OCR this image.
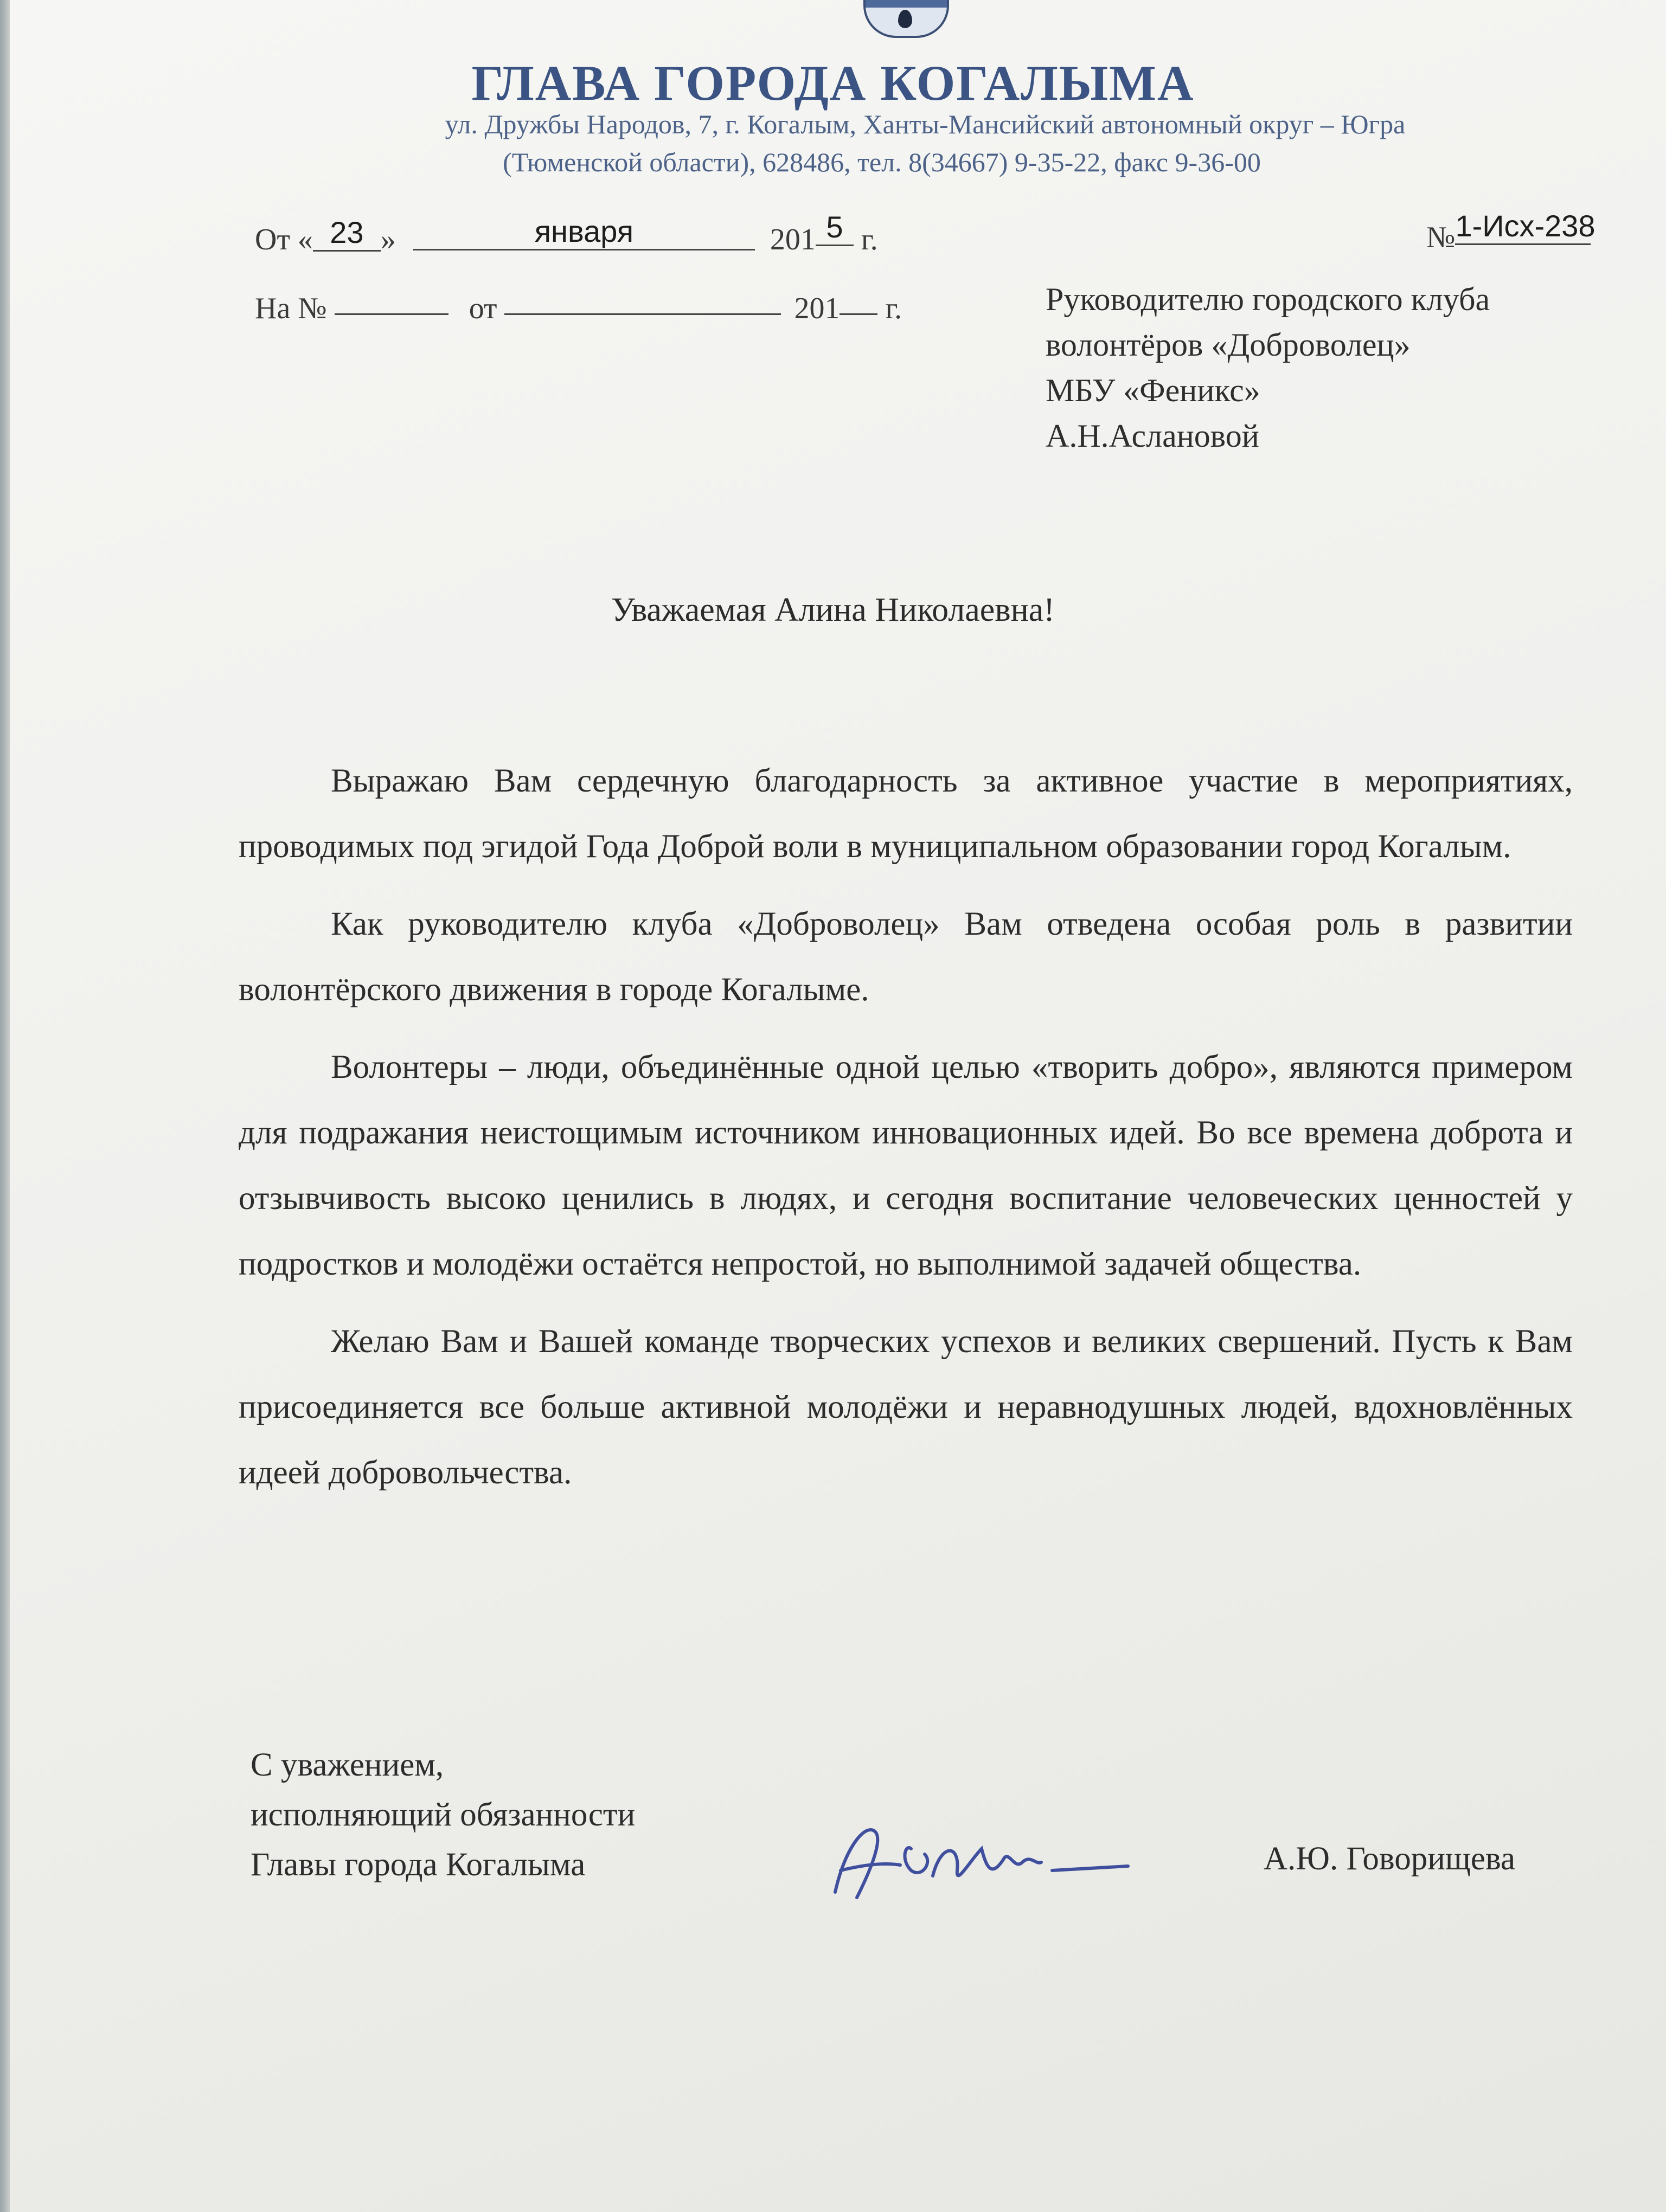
ГЛАВА ГОРОДА КОГАЛЫМА
ул. Дружбы Народов, 7, г. Когалым, Ханты-Мансийский автономный округ – Югра
(Тюменской области), 628486, тел. 8(34667) 9-35-22, факс 9-36-00
От « 23 »	января	201 5 г.	№1-Исх-238
На №	от	201 г.	Руководителю городского клуба
волонтёров «Доброволец»
МБУ «Феникс»
А.Н.Аслановой
Уважаемая Алина Николаевна!

Выражаю Вам сердечную благодарность за активное участие в мероприятиях, проводимых под эгидой Года Доброй воли в муниципальном образовании город Когалым.

Как руководителю клуба «Доброволец» Вам отведена особая роль в развитии волонтёрского движения в городе Когалыме.

Волонтеры – люди, объединённые одной целью «творить добро», являются примером для подражания неистощимым источником инновационных идей. Во все времена доброта и отзывчивость высоко ценились в людях, и сегодня воспитание человеческих ценностей у подростков и молодёжи остаётся непростой, но выполнимой задачей общества.

Желаю Вам и Вашей команде творческих успехов и великих свершений. Пусть к Вам присоединяется все больше активной молодёжи и неравнодушных людей, вдохновлённых идеей добровольчества.

С уважением,
исполняющий обязанности
Главы города Когалыма	А.Ю. Говорищева
